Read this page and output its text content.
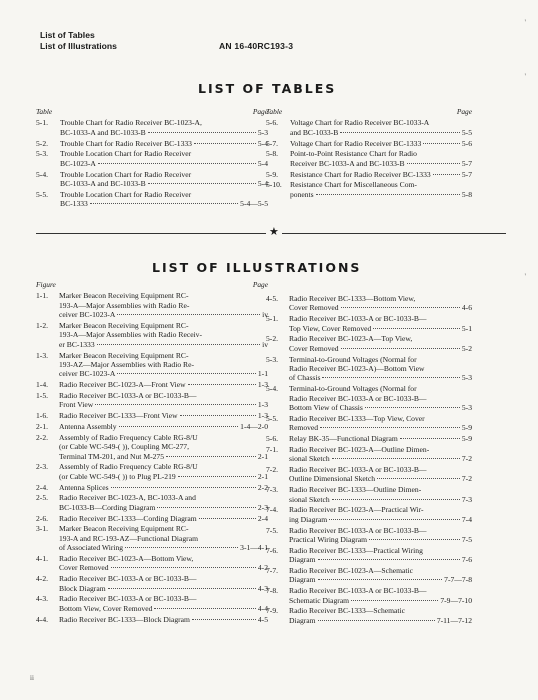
List of Tables
List of Illustrations	AN 16-40RC193-3
'
'
'
LIST OF TABLES
Table	Page
5-1.	Trouble Chart for Radio Receiver BC-1023-A,
BC-1033-A and BC-1033-B	5-3
5-2.	Trouble Chart for Radio Receiver BC-1333	5-4
5-3.	Trouble Location Chart for Radio Receiver
BC-1023-A	5-4
5-4.	Trouble Location Chart for Radio Receiver
BC-1033-A and BC-1033-B	5-4
5-5.	Trouble Location Chart for Radio Receiver
BC-1333	5-4—5-5
Table	Page
5-6.	Voltage Chart for Radio Receiver BC-1033-A
and BC-1033-B	5-5
5-7.	Voltage Chart for Radio Receiver BC-1333	5-6
5-8.	Point-to-Point Resistance Chart for Radio
Receiver BC-1033-A and BC-1033-B	5-7
5-9.	Resistance Chart for Radio Receiver BC-1333	5-7
5-10.	Resistance Chart for Miscellaneous Com-
ponents	5-8
★
LIST OF ILLUSTRATIONS
Figure	Page
1-1.	Marker Beacon Receiving Equipment RC-
193-A—Major Assemblies with Radio Re-
ceiver BC-1023-A	iv
1-2.	Marker Beacon Receiving Equipment RC-
193-A—Major Assemblies with Radio Receiv-
er BC-1333	iv
1-3.	Marker Beacon Receiving Equipment RC-
193-AZ—Major Assemblies with Radio Re-
ceiver BC-1023-A	1-1
1-4.	Radio Receiver BC-1023-A—Front View	1-3
1-5.	Radio Receiver BC-1033-A or BC-1033-B—
Front View	1-3
1-6.	Radio Receiver BC-1333—Front View	1-3
2-1.	Antenna Assembly	1-4—2-0
2-2.	Assembly of Radio Frequency Cable RG-8/U
(or Cable WC-549-( )), Coupling MC-277,
Terminal TM-201, and Nut M-275	2-1
2-3.	Assembly of Radio Frequency Cable RG-8/U
(or Cable WC-549-( )) to Plug PL-219	2-1
2-4.	Antenna Splices	2-2
2-5.	Radio Receiver BC-1023-A, BC-1033-A and
BC-1033-B—Cording Diagram	2-3
2-6.	Radio Receiver BC-1333—Cording Diagram	2-4
3-1.	Marker Beacon Receiving Equipment RC-
193-A and RC-193-AZ—Functional Diagram
of Associated Wiring	3-1—4-1
4-1.	Radio Receiver BC-1023-A—Bottom View,
Cover Removed	4-2
4-2.	Radio Receiver BC-1033-A or BC-1033-B—
Block Diagram	4-3
4-3.	Radio Receiver BC-1033-A or BC-1033-B—
Bottom View, Cover Removed	4-4
4-4.	Radio Receiver BC-1333—Block Diagram	4-5
4-5.	Radio Receiver BC-1333—Bottom View,
Cover Removed	4-6
5-1.	Radio Receiver BC-1033-A or BC-1033-B—
Top View, Cover Removed	5-1
5-2.	Radio Receiver BC-1023-A—Top View,
Cover Removed	5-2
5-3.	Terminal-to-Ground Voltages (Normal for
Radio Receiver BC-1023-A)—Bottom View
of Chassis	5-3
5-4.	Terminal-to-Ground Voltages (Normal for
Radio Receiver BC-1033-A or BC-1033-B—
Bottom View of Chassis	5-3
5-5.	Radio Receiver BC-1333—Top View, Cover
Removed	5-9
5-6.	Relay BK-35—Functional Diagram	5-9
7-1.	Radio Receiver BC-1023-A—Outline Dimen-
sional Sketch	7-2
7-2.	Radio Receiver BC-1033-A or BC-1033-B—
Outline Dimensional Sketch	7-2
7-3.	Radio Receiver BC-1333—Outline Dimen-
sional Sketch	7-3
7-4.	Radio Receiver BC-1023-A—Practical Wir-
ing Diagram	7-4
7-5.	Radio Receiver BC-1033-A or BC-1033-B—
Practical Wiring Diagram	7-5
7-6.	Radio Receiver BC-1333—Practical Wiring
Diagram	7-6
7-7.	Radio Receiver BC-1023-A—Schematic
Diagram	7-7—7-8
7-8.	Radio Receiver BC-1033-A or BC-1033-B—
Schematic Diagram	7-9—7-10
7-9.	Radio Receiver BC-1333—Schematic
Diagram	7-11—7-12
ii
